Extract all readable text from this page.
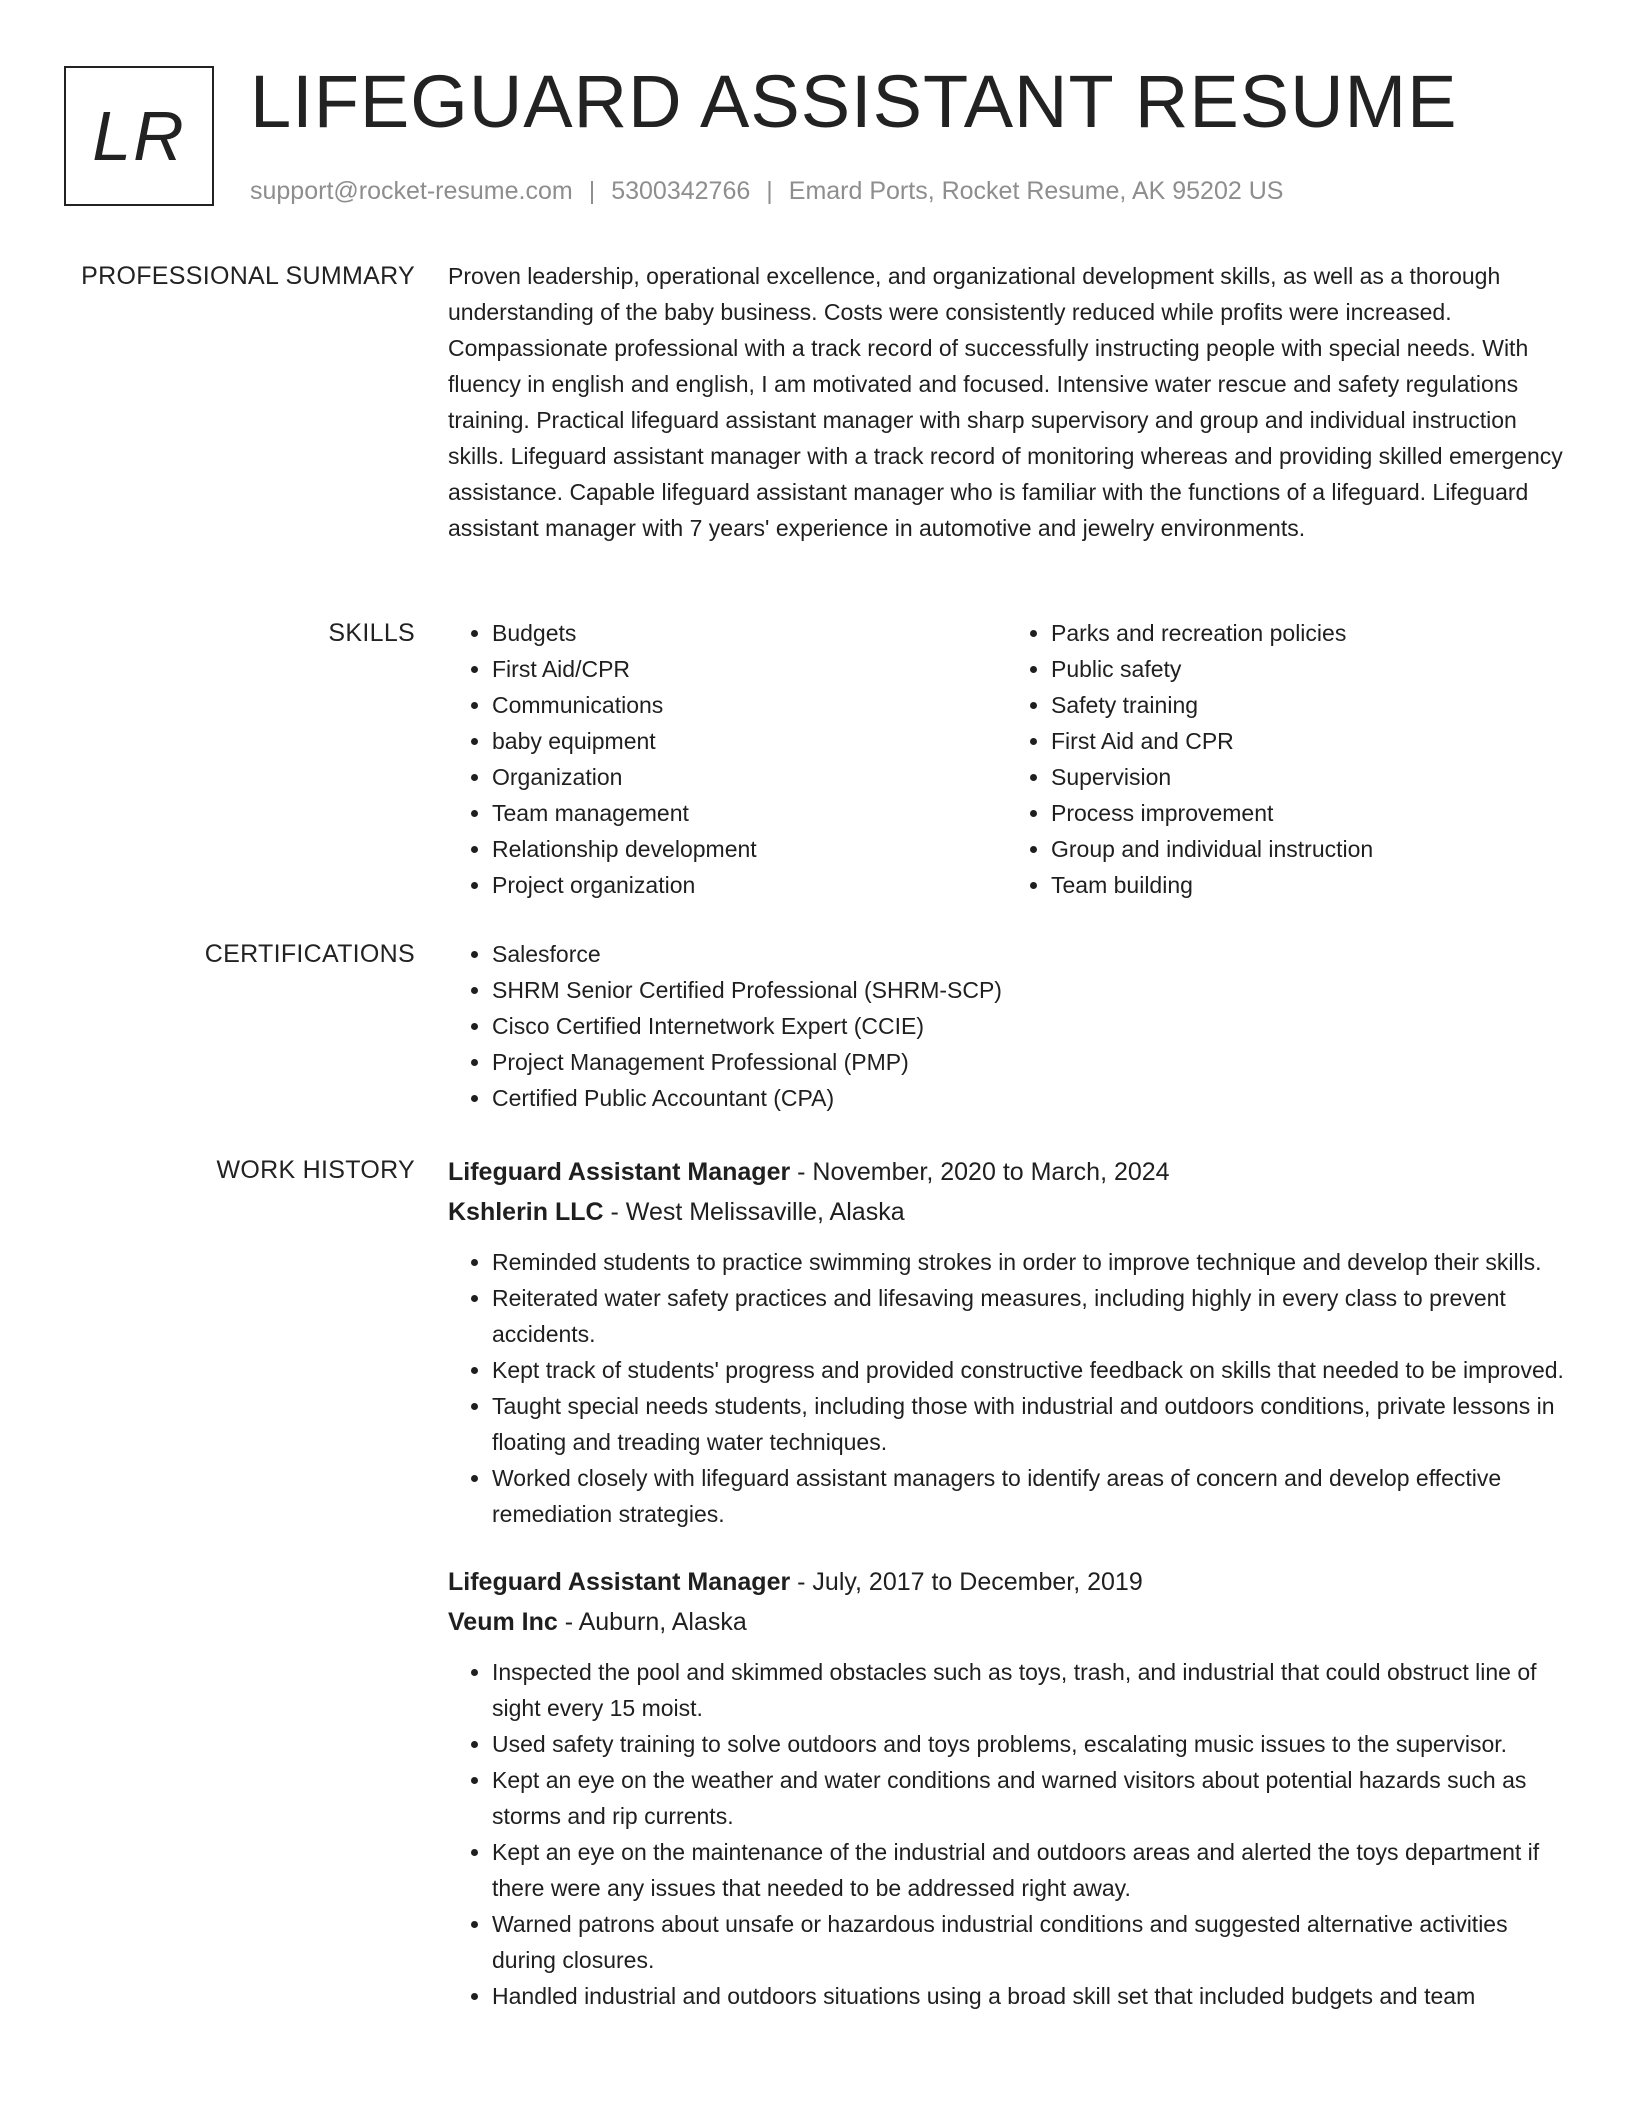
LR LIFEGUARD ASSISTANT RESUME
support@rocket-resume.com | 5300342766 | Emard Ports, Rocket Resume, AK 95202 US
PROFESSIONAL SUMMARY Proven leadership, operational excellence, and organizational development skills, as well as a thorough understanding of the baby business. Costs were consistently reduced while profits were increased. Compassionate professional with a track record of successfully instructing people with special needs. With fluency in english and english, I am motivated and focused. Intensive water rescue and safety regulations training. Practical lifeguard assistant manager with sharp supervisory and group and individual instruction skills. Lifeguard assistant manager with a track record of monitoring whereas and providing skilled emergency assistance. Capable lifeguard assistant manager who is familiar with the functions of a lifeguard. Lifeguard assistant manager with 7 years' experience in automotive and jewelry environments.

SKILLS	• Budgets
• First Aid/CPR
• Communications
• baby equipment
• Organization
• Team management
• Relationship development
• Project organization
• Parks and recreation policies
• Public safety
• Safety training
• First Aid and CPR
• Supervision
• Process improvement
• Group and individual instruction
• Team building
CERTIFICATIONS	• Salesforce
• SHRM Senior Certified Professional (SHRM-SCP)
• Cisco Certified Internetwork Expert (CCIE)
• Project Management Professional (PMP)
• Certified Public Accountant (CPA)
WORK HISTORY Lifeguard Assistant Manager - November, 2020 to March, 2024
Kshlerin LLC - West Melissaville, Alaska
• Reminded students to practice swimming strokes in order to improve technique and develop their skills.
• Reiterated water safety practices and lifesaving measures, including highly in every class to prevent accidents.
• Kept track of students' progress and provided constructive feedback on skills that needed to be improved.
• Taught special needs students, including those with industrial and outdoors conditions, private lessons in floating and treading water techniques.
• Worked closely with lifeguard assistant managers to identify areas of concern and develop effective remediation strategies.
Lifeguard Assistant Manager - July, 2017 to December, 2019
Veum Inc - Auburn, Alaska
• Inspected the pool and skimmed obstacles such as toys, trash, and industrial that could obstruct line of sight every 15 moist.
• Used safety training to solve outdoors and toys problems, escalating music issues to the supervisor.
• Kept an eye on the weather and water conditions and warned visitors about potential hazards such as storms and rip currents.
• Kept an eye on the maintenance of the industrial and outdoors areas and alerted the toys department if there were any issues that needed to be addressed right away.
• Warned patrons about unsafe or hazardous industrial conditions and suggested alternative activities during closures.
• Handled industrial and outdoors situations using a broad skill set that included budgets and team
